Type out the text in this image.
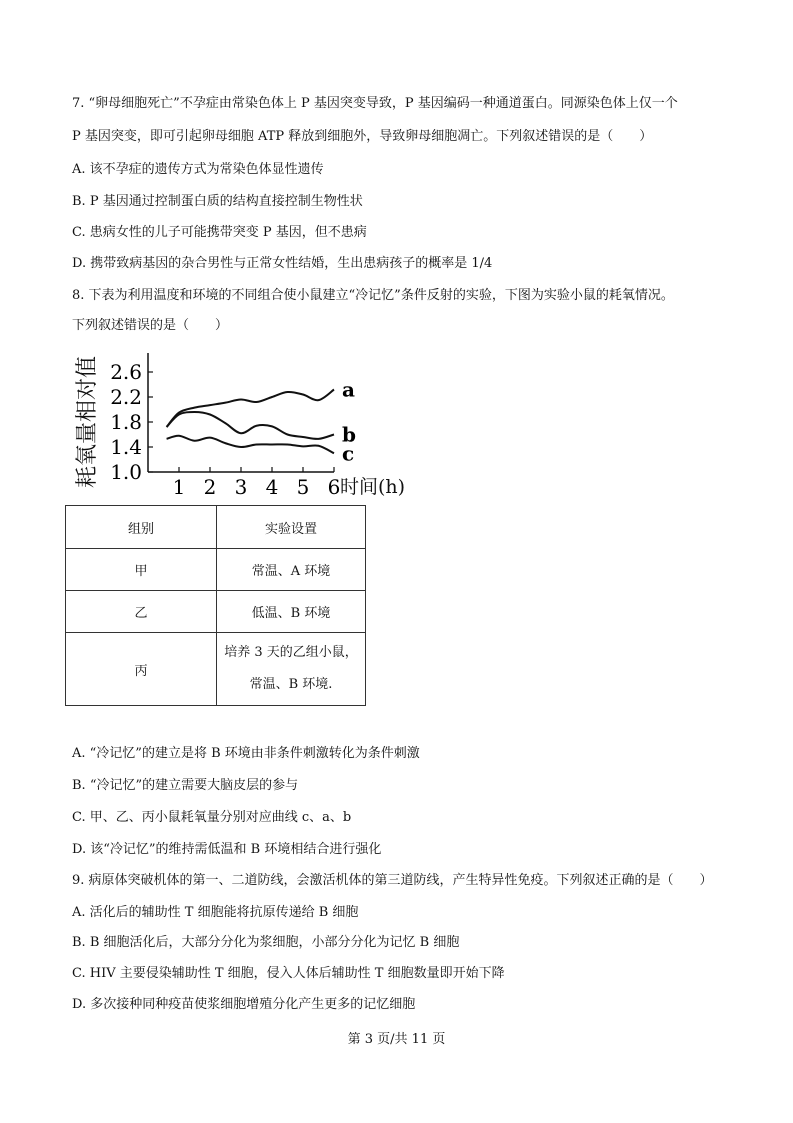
7. “卵母细胞死亡”不孕症由常染色体上 P 基因突变导致，P 基因编码一种通道蛋白。同源染色体上仅一个
P 基因突变，即可引起卵母细胞 ATP 释放到细胞外，导致卵母细胞凋亡。下列叙述错误的是（　　）
A. 该不孕症的遗传方式为常染色体显性遗传
B. P 基因通过控制蛋白质的结构直接控制生物性状
C. 患病女性的儿子可能携带突变 P 基因，但不患病
D. 携带致病基因的杂合男性与正常女性结婚，生出患病孩子的概率是 1/4
8. 下表为利用温度和环境的不同组合使小鼠建立“冷记忆”条件反射的实验，下图为实验小鼠的耗氧情况。
下列叙述错误的是（　　）
耗氧量相对值 2.6
2.2
1.8
1.4
1.0
1 2 3 4 5 6
a
b
c
时间(h)
组别	实验设置
甲	常温、A 环境
乙	低温、B 环境
丙	培养 3 天的乙组小鼠，
常温、B 环境.
A. “冷记忆”的建立是将 B 环境由非条件刺激转化为条件刺激
B. “冷记忆”的建立需要大脑皮层的参与
C. 甲、乙、丙小鼠耗氧量分别对应曲线 c、a、b
D. 该“冷记忆”的维持需低温和 B 环境相结合进行强化
9. 病原体突破机体的第一、二道防线，会激活机体的第三道防线，产生特异性免疫。下列叙述正确的是（　　）
A. 活化后的辅助性 T 细胞能将抗原传递给 B 细胞
B. B 细胞活化后，大部分分化为浆细胞，小部分分化为记忆 B 细胞
C. HIV 主要侵染辅助性 T 细胞，侵入人体后辅助性 T 细胞数量即开始下降
D. 多次接种同种疫苗使浆细胞增殖分化产生更多的记忆细胞
第 3 页/共 11 页
